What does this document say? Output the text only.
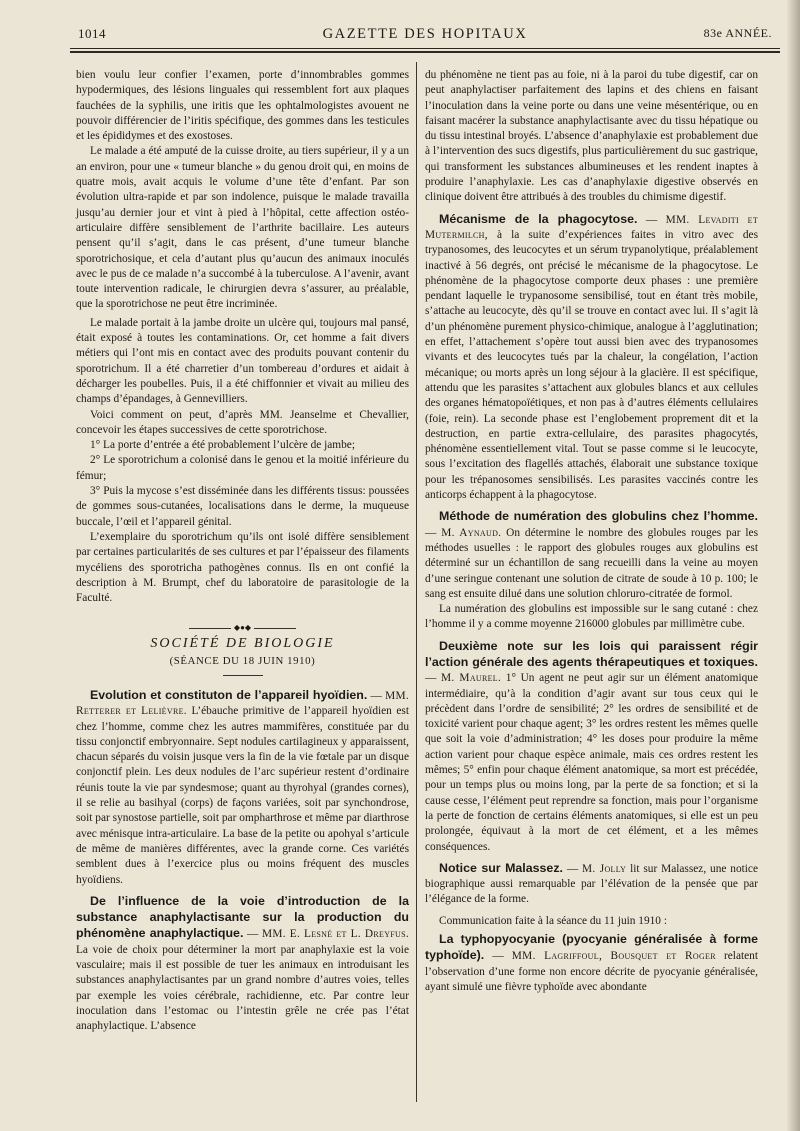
1014	GAZETTE DES HOPITAUX	83e ANNÉE.

bien voulu leur confier l’examen, porte d’innombrables gommes hypodermiques, des lésions linguales qui ressemblent fort aux plaques fauchées de la syphilis, une iritis que les ophtalmologistes avouent ne pouvoir différencier de l’iritis spécifique, des gommes dans les testicules et les épididymes et des exostoses.

Le malade a été amputé de la cuisse droite, au tiers supérieur, il y a un an environ, pour une « tumeur blanche » du genou droit qui, en moins de quatre mois, avait acquis le volume d’une tête d’enfant. Par son évolution ultra-rapide et par son indolence, puisque le malade travailla jusqu’au dernier jour et vint à pied à l’hôpital, cette affection ostéo-articulaire diffère sensiblement de l’arthrite bacillaire. Les auteurs pensent qu’il s’agit, dans le cas présent, d’une tumeur blanche sporotrichosique, et cela d’autant plus qu’aucun des animaux inoculés avec le pus de ce malade n’a succombé à la tuberculose. A l’avenir, avant toute intervention radicale, le chirurgien devra s’assurer, au préalable, que la sporotrichose ne peut être incriminée.

Le malade portait à la jambe droite un ulcère qui, toujours mal pansé, était exposé à toutes les contaminations. Or, cet homme a fait divers métiers qui l’ont mis en contact avec des produits pouvant contenir du sporotrichum. Il a été charretier d’un tombereau d’ordures et aidait à décharger les poubelles. Puis, il a été chiffonnier et vivait au milieu des champs d’épandages, à Gennevilliers.

Voici comment on peut, d’après MM. Jeanselme et Chevallier, concevoir les étapes successives de cette sporotrichose.

1° La porte d’entrée a été probablement l’ulcère de jambe;

2° Le sporotrichum a colonisé dans le genou et la moitié inférieure du fémur;

3° Puis la mycose s’est disséminée dans les différents tissus: poussées de gommes sous-cutanées, localisations dans le derme, la muqueuse buccale, l’œil et l’appareil génital.

L’exemplaire du sporotrichum qu’ils ont isolé diffère sensiblement par certaines particularités de ses cultures et par l’épaisseur des filaments mycéliens des sporotricha pathogènes connus. Ils en ont confié la description à M. Brumpt, chef du laboratoire de parasitologie de la Faculté.

◆●◆
SOCIÉTÉ DE BIOLOGIE
(SÉANCE DU 18 JUIN 1910)

Evolution et constituton de l’appareil hyoïdien. — MM. Retterer et Lelièvre. L’ébauche primitive de l’appareil hyoïdien est chez l’homme, comme chez les autres mammifères, constituée par du tissu conjonctif embryonnaire. Sept nodules cartilagineux y apparaissent, chacun séparés du voisin jusque vers la fin de la vie fœtale par un disque conjonctif plein. Les deux nodules de l’arc supérieur restent d’ordinaire réunis toute la vie par syndesmose; quant au thyrohyal (grandes cornes), il se relie au basihyal (corps) de façons variées, soit par synchondrose, soit par synostose partielle, soit par ompharthrose et même par diarthrose avec ménisque intra-articulaire. La base de la petite ou apohyal s’articule de même de manières différentes, avec la grande corne. Ces variétés semblent dues à l’exercice plus ou moins fréquent des muscles hyoïdiens.

De l’influence de la voie d’introduction de la substance anaphylactisante sur la production du phénomène anaphylactique. — MM. E. Lesné et L. Dreyfus. La voie de choix pour déterminer la mort par anaphylaxie est la voie vasculaire; mais il est possible de tuer les animaux en introduisant les substances anaphylactisantes par un grand nombre d’autres voies, telles par exemple les voies cérébrale, rachidienne, etc. Par contre leur inoculation dans l’estomac ou l’intestin grêle ne crée pas l’état anaphylactique. L’absence

du phénomène ne tient pas au foie, ni à la paroi du tube digestif, car on peut anaphylactiser parfaitement des lapins et des chiens en faisant l’inoculation dans la veine porte ou dans une veine mésentérique, ou en faisant macérer la substance anaphylactisante avec du tissu hépatique ou du tissu intestinal broyés. L’absence d’anaphylaxie est probablement due à l’intervention des sucs digestifs, plus particulièrement du suc gastrique, qui transforment les substances albumineuses et les rendent inaptes à produire l’anaphylaxie. Les cas d’anaphylaxie digestive observés en clinique doivent être attribués à des troubles du chimisme digestif.

Mécanisme de la phagocytose. — MM. Levaditi et Mutermilch, à la suite d’expériences faites in vitro avec des trypanosomes, des leucocytes et un sérum trypanolytique, préalablement inactivé à 56 degrés, ont précisé le mécanisme de la phagocytose. Le phénomène de la phagocytose comporte deux phases : une première pendant laquelle le trypanosome sensibilisé, tout en étant très mobile, s’attache au leucocyte, dès qu’il se trouve en contact avec lui. Il s’agit là d’un phénomène purement physico-chimique, analogue à l’agglutination; en effet, l’attachement s’opère tout aussi bien avec des trypanosomes vivants et des leucocytes tués par la chaleur, la congélation, l’action mécanique; ou morts après un long séjour à la glacière. Il est spécifique, attendu que les parasites s’attachent aux globules blancs et aux cellules des organes hématopoïétiques, et non pas à d’autres éléments cellulaires (foie, rein). La seconde phase est l’englobement proprement dit et la destruction, en partie extra-cellulaire, des parasites phagocytés, phénomène essentiellement vital. Tout se passe comme si le leucocyte, sous l’excitation des flagellés attachés, élaborait une substance toxique pour les trépanosomes sensibilisés. Les parasites vaccinés contre les anticorps échappent à la phagocytose.

Méthode de numération des globulins chez l’homme. — M. Aynaud. On détermine le nombre des globules rouges par les méthodes usuelles : le rapport des globules rouges aux globulins est déterminé sur un échantillon de sang recueilli dans la veine au moyen d’une seringue contenant une solution de citrate de soude à 10 p. 100; le sang est ensuite dilué dans une solution chloruro-citratée de formol.

La numération des globulins est impossible sur le sang cutané : chez l’homme il y a comme moyenne 216000 globules par millimètre cube.

Deuxième note sur les lois qui paraissent régir l’action générale des agents thérapeutiques et toxiques. — M. Maurel. 1° Un agent ne peut agir sur un élément anatomique intermédiaire, qu’à la condition d’agir avant sur tous ceux qui le précèdent dans l’ordre de sensibilité; 2° les ordres de sensibilité et de toxicité varient pour chaque agent; 3° les ordres restent les mêmes quelle que soit la voie d’administration; 4° les doses pour produire la même action varient pour chaque espèce animale, mais ces ordres restent les mêmes; 5° enfin pour chaque élément anatomique, sa mort est précédée, pour un temps plus ou moins long, par la perte de sa fonction; et si la cause cesse, l’élément peut reprendre sa fonction, mais pour l’organisme la perte de fonction de certains éléments anatomiques, si elle est un peu prolongée, équivaut à la mort de cet élément, et a les mêmes conséquences.

Notice sur Malassez. — M. Jolly lit sur Malassez, une notice biographique aussi remarquable par l’élévation de la pensée que par l’élégance de la forme.

Communication faite à la séance du 11 juin 1910 :

La typhopyocyanie (pyocyanie généralisée à forme typhoïde). — MM. Lagriffoul, Bousquet et Roger relatent l’observation d’une forme non encore décrite de pyocyanie généralisée, ayant simulé une fièvre typhoïde avec abondante
